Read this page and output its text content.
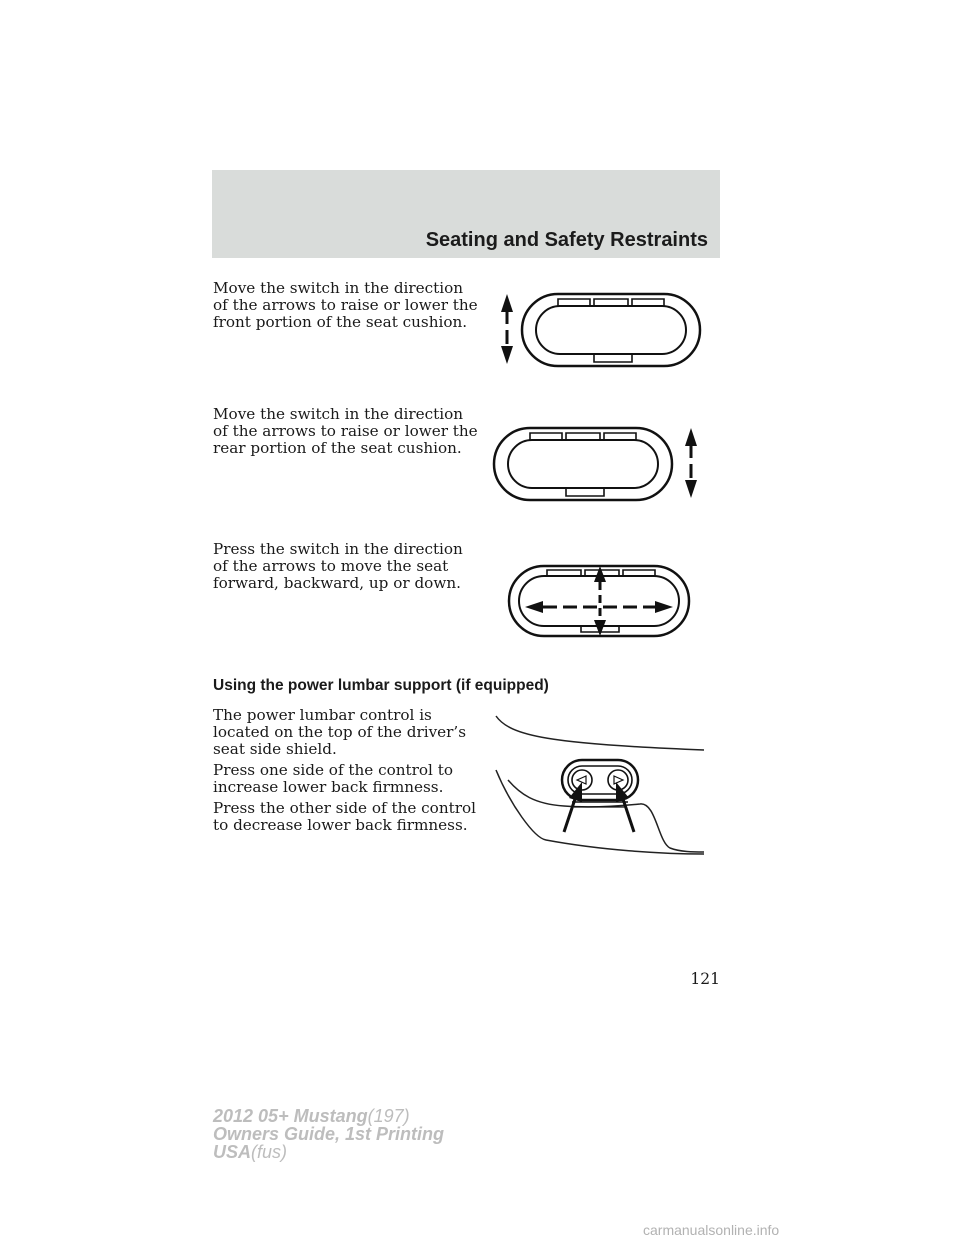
Seating and Safety Restraints

Move the switch in the direction of the arrows to raise or lower the front portion of the seat cushion.

Move the switch in the direction of the arrows to raise or lower the rear portion of the seat cushion.

Press the switch in the direction of the arrows to move the seat forward, backward, up or down.

Using the power lumbar support (if equipped)

The power lumbar control is located on the top of the driver’s seat side shield.

Press one side of the control to increase lower back firmness.

Press the other side of the control to decrease lower back firmness.

121
2012 05+ Mustang(197)
Owners Guide, 1st Printing
USA(fus)
carmanualsonline.info
